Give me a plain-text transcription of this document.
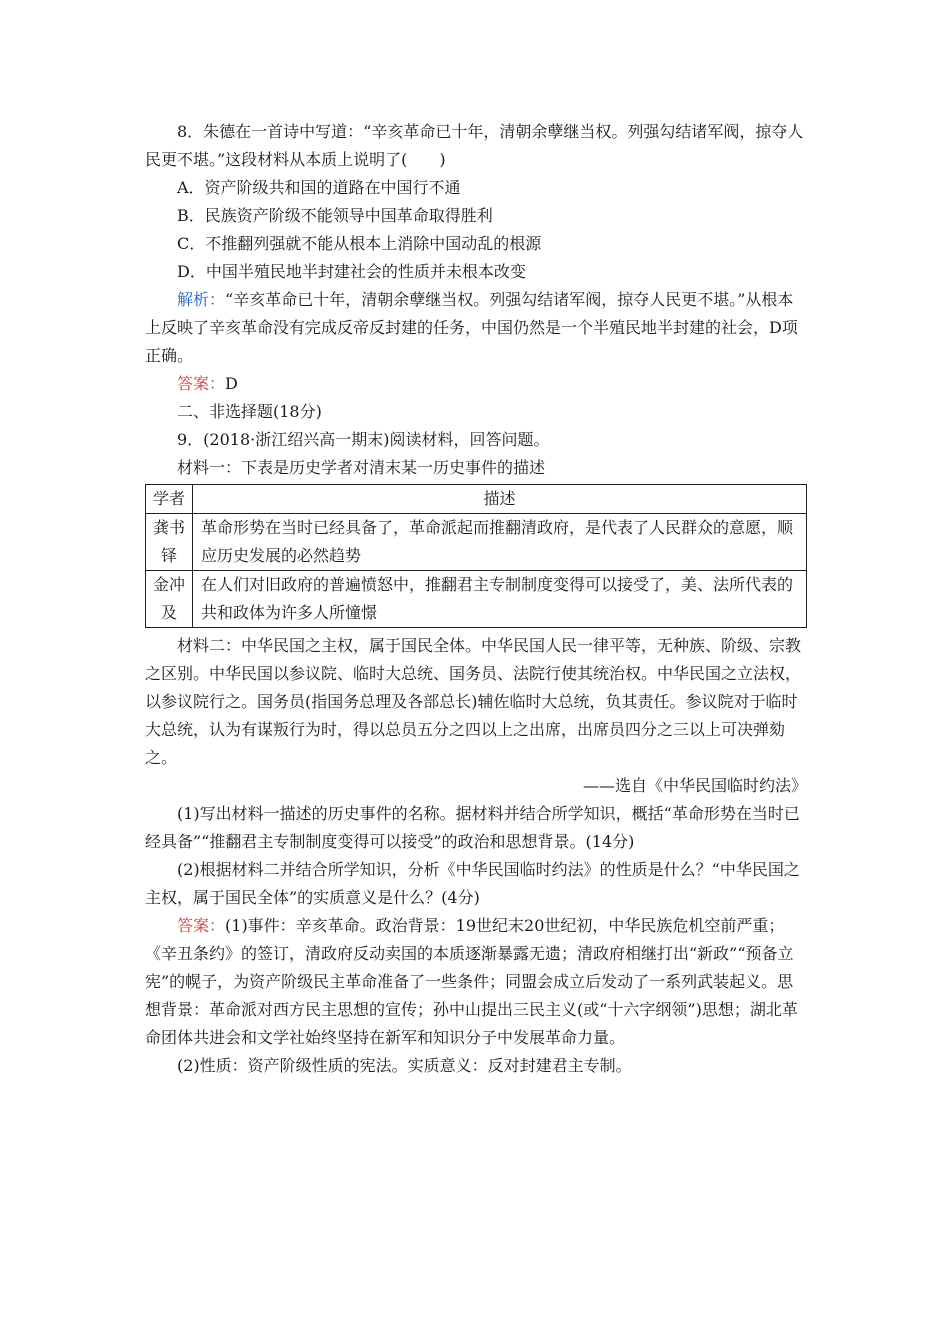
8．朱德在一首诗中写道：“辛亥革命已十年，清朝余孽继当权。列强勾结诸军阀，掠夺人民更不堪。”这段材料从本质上说明了(　　)

A．资产阶级共和国的道路在中国行不通

B．民族资产阶级不能领导中国革命取得胜利

C．不推翻列强就不能从根本上消除中国动乱的根源

D．中国半殖民地半封建社会的性质并未根本改变

解析：“辛亥革命已十年，清朝余孽继当权。列强勾结诸军阀，掠夺人民更不堪。”从根本上反映了辛亥革命没有完成反帝反封建的任务，中国仍然是一个半殖民地半封建的社会，D项正确。

答案：D

二、非选择题(18分)

9．(2018·浙江绍兴高一期末)阅读材料，回答问题。

材料一：下表是历史学者对清末某一历史事件的描述

学者	描述
龚书铎	革命形势在当时已经具备了，革命派起而推翻清政府，是代表了人民群众的意愿，顺应历史发展的必然趋势
金冲及	在人们对旧政府的普遍愤怒中，推翻君主专制制度变得可以接受了，美、法所代表的共和政体为许多人所憧憬

材料二：中华民国之主权，属于国民全体。中华民国人民一律平等，无种族、阶级、宗教之区别。中华民国以参议院、临时大总统、国务员、法院行使其统治权。中华民国之立法权，以参议院行之。国务员(指国务总理及各部总长)辅佐临时大总统，负其责任。参议院对于临时大总统，认为有谋叛行为时，得以总员五分之四以上之出席，出席员四分之三以上可决弹劾之。

——选自《中华民国临时约法》

(1)写出材料一描述的历史事件的名称。据材料并结合所学知识，概括“革命形势在当时已经具备”“推翻君主专制制度变得可以接受”的政治和思想背景。(14分)

(2)根据材料二并结合所学知识，分析《中华民国临时约法》的性质是什么？“中华民国之主权，属于国民全体”的实质意义是什么？(4分)

答案：(1)事件：辛亥革命。政治背景：19世纪末20世纪初，中华民族危机空前严重；《辛丑条约》的签订，清政府反动卖国的本质逐渐暴露无遗；清政府相继打出“新政”“预备立宪”的幌子，为资产阶级民主革命准备了一些条件；同盟会成立后发动了一系列武装起义。思想背景：革命派对西方民主思想的宣传；孙中山提出三民主义(或“十六字纲领”)思想；湖北革命团体共进会和文学社始终坚持在新军和知识分子中发展革命力量。

(2)性质：资产阶级性质的宪法。实质意义：反对封建君主专制。
